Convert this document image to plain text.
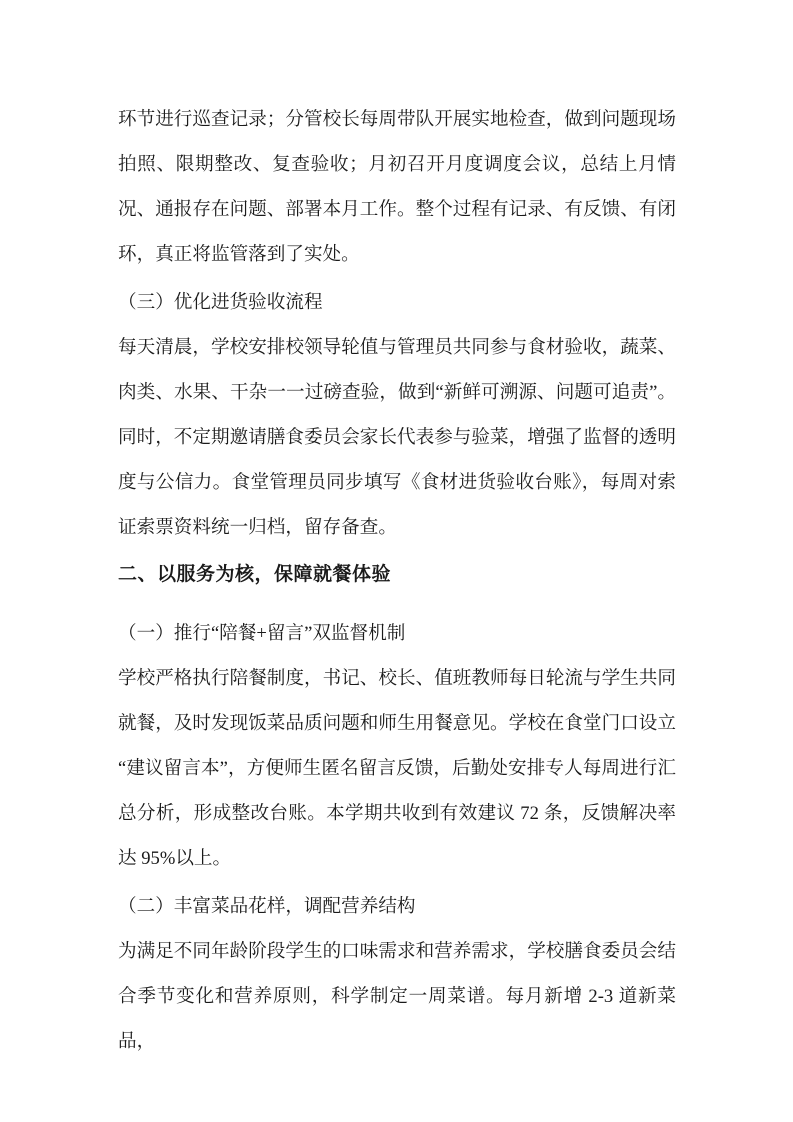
环节进行巡查记录；分管校长每周带队开展实地检查，做到问题现场拍照、限期整改、复查验收；月初召开月度调度会议，总结上月情况、通报存在问题、部署本月工作。整个过程有记录、有反馈、有闭环，真正将监管落到了实处。

（三）优化进货验收流程

每天清晨，学校安排校领导轮值与管理员共同参与食材验收，蔬菜、肉类、水果、干杂一一过磅查验，做到“新鲜可溯源、问题可追责”。同时，不定期邀请膳食委员会家长代表参与验菜，增强了监督的透明度与公信力。食堂管理员同步填写《食材进货验收台账》，每周对索证索票资料统一归档，留存备查。

二、以服务为核，保障就餐体验
（一）推行“陪餐+留言”双监督机制

学校严格执行陪餐制度，书记、校长、值班教师每日轮流与学生共同就餐，及时发现饭菜品质问题和师生用餐意见。学校在食堂门口设立“建议留言本”，方便师生匿名留言反馈，后勤处安排专人每周进行汇总分析，形成整改台账。本学期共收到有效建议 72 条，反馈解决率达 95%以上。

（二）丰富菜品花样，调配营养结构

为满足不同年龄阶段学生的口味需求和营养需求，学校膳食委员会结合季节变化和营养原则，科学制定一周菜谱。每月新增 2-3 道新菜品，
